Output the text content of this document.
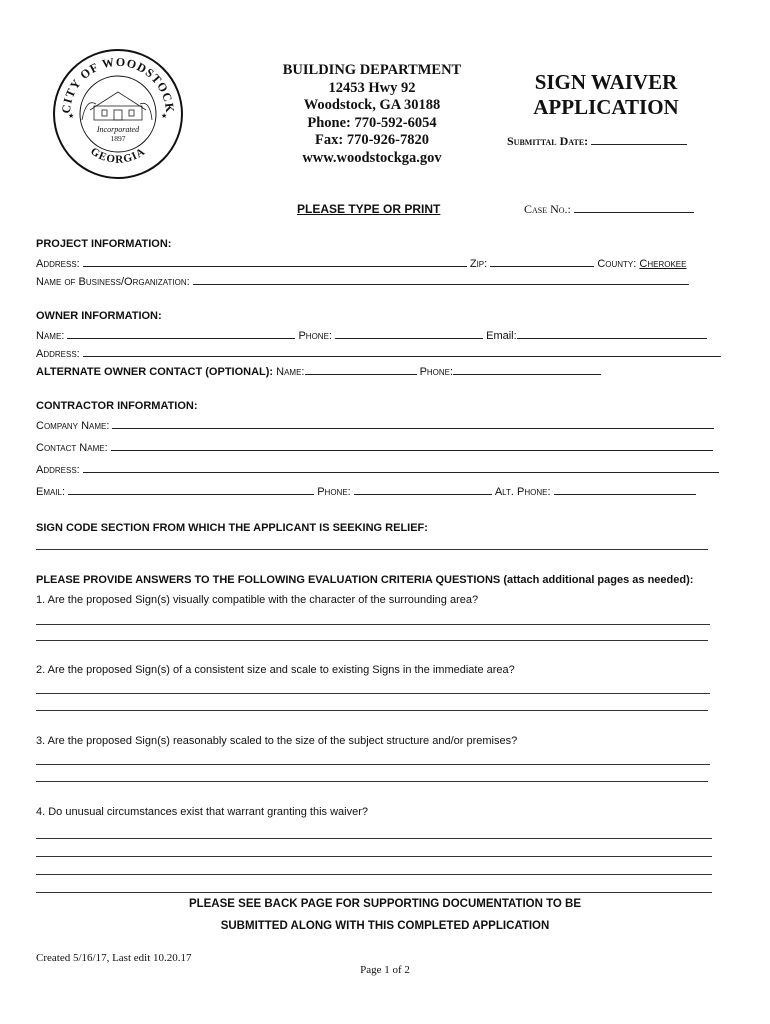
CITY OF WOODSTOCK
GEORGIA
Incorporated
1897
★	★
BUILDING DEPARTMENT
12453 Hwy 92
Woodstock, GA 30188
Phone: 770-592-6054
Fax: 770-926-7820
www.woodstockga.gov
SIGN WAIVER
APPLICATION
Submittal Date:
PLEASE TYPE OR PRINT	Case No.:
PROJECT INFORMATION:
Address:	Zip:	County: Cherokee
Name of Business/Organization:
OWNER INFORMATION:
Name:	Phone:	Email:
Address:
ALTERNATE OWNER CONTACT (OPTIONAL): Name:	Phone:
CONTRACTOR INFORMATION:
Company Name:
Contact Name:
Address:
Email:	Phone:	Alt. Phone:
SIGN CODE SECTION FROM WHICH THE APPLICANT IS SEEKING RELIEF:
PLEASE PROVIDE ANSWERS TO THE FOLLOWING EVALUATION CRITERIA QUESTIONS (attach additional pages as needed):
1. Are the proposed Sign(s) visually compatible with the character of the surrounding area?
2. Are the proposed Sign(s) of a consistent size and scale to existing Signs in the immediate area?
3. Are the proposed Sign(s) reasonably scaled to the size of the subject structure and/or premises?
4. Do unusual circumstances exist that warrant granting this waiver?
PLEASE SEE BACK PAGE FOR SUPPORTING DOCUMENTATION TO BE
SUBMITTED ALONG WITH THIS COMPLETED APPLICATION
Created 5/16/17, Last edit 10.20.17
Page 1 of 2
